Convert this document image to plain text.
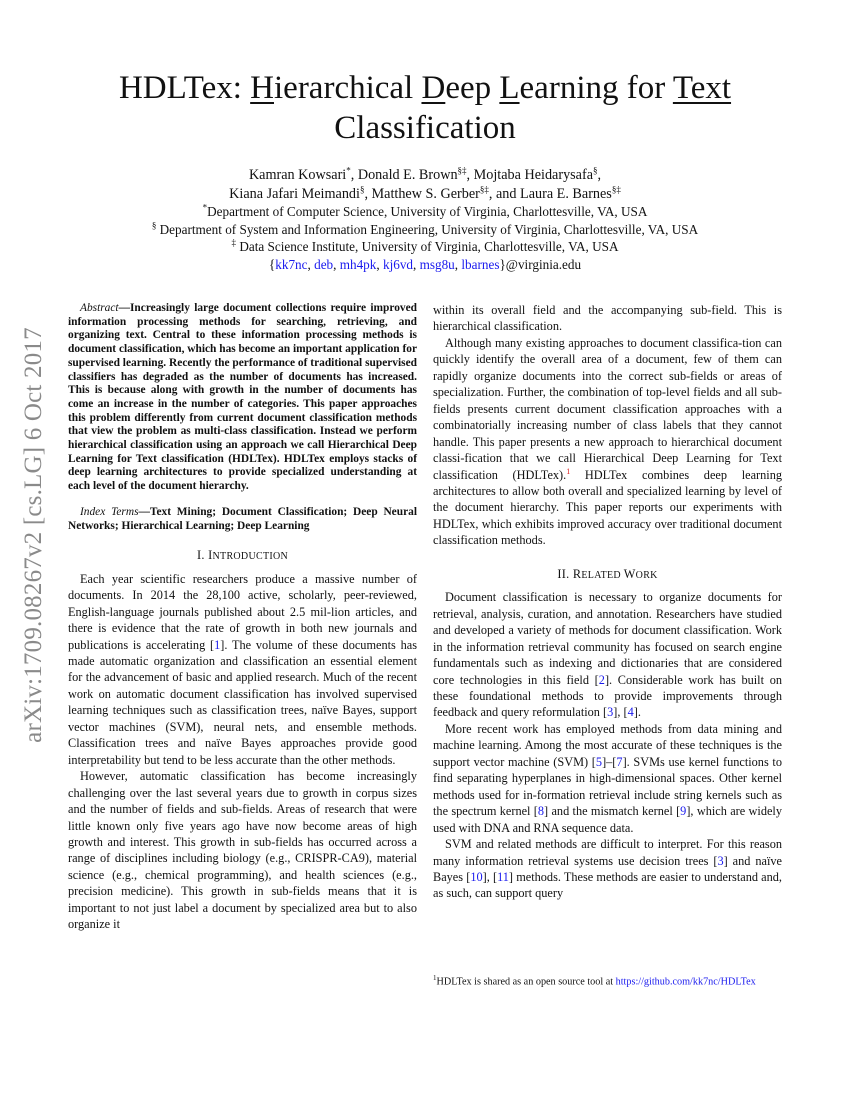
HDLTex: Hierarchical Deep Learning for Text
Classification
Kamran Kowsari*, Donald E. Brown§‡, Mojtaba Heidarysafa§,
Kiana Jafari Meimandi§, Matthew S. Gerber§‡, and Laura E. Barnes§‡
*Department of Computer Science, University of Virginia, Charlottesville, VA, USA
§ Department of System and Information Engineering, University of Virginia, Charlottesville, VA, USA
‡ Data Science Institute, University of Virginia, Charlottesville, VA, USA
{kk7nc, deb, mh4pk, kj6vd, msg8u, lbarnes}@virginia.edu
arXiv:1709.08267v2 [cs.LG] 6 Oct 2017

Abstract—Increasingly large document collections require improved information processing methods for searching, retrieving, and organizing text. Central to these information processing methods is document classification, which has become an important application for supervised learning. Recently the performance of traditional supervised classifiers has degraded as the number of documents has increased. This is because along with growth in the number of documents has come an increase in the number of categories. This paper approaches this problem differently from current document classification methods that view the problem as multi-class classification. Instead we perform hierarchical classification using an approach we call Hierarchical Deep Learning for Text classification (HDLTex). HDLTex employs stacks of deep learning architectures to provide specialized understanding at each level of the document hierarchy.

Index Terms—Text Mining; Document Classification; Deep Neural Networks; Hierarchical Learning; Deep Learning

I. INTRODUCTION

Each year scientific researchers produce a massive number of documents. In 2014 the 28,100 active, scholarly, peer-reviewed, English-language journals published about 2.5 mil-lion articles, and there is evidence that the rate of growth in both new journals and publications is accelerating [1]. The volume of these documents has made automatic organization and classification an essential element for the advancement of basic and applied research. Much of the recent work on automatic document classification has involved supervised learning techniques such as classification trees, naïve Bayes, support vector machines (SVM), neural nets, and ensemble methods. Classification trees and naïve Bayes approaches provide good interpretability but tend to be less accurate than the other methods.

However, automatic classification has become increasingly challenging over the last several years due to growth in corpus sizes and the number of fields and sub-fields. Areas of research that were little known only five years ago have now become areas of high growth and interest. This growth in sub-fields has occurred across a range of disciplines including biology (e.g., CRISPR-CA9), material science (e.g., chemical programming), and health sciences (e.g., precision medicine). This growth in sub-fields means that it is important to not just label a document by specialized area but to also organize it

within its overall field and the accompanying sub-field. This is hierarchical classification.

Although many existing approaches to document classifica-tion can quickly identify the overall area of a document, few of them can rapidly organize documents into the correct sub-fields or areas of specialization. Further, the combination of top-level fields and all sub-fields presents current document classification approaches with a combinatorially increasing number of class labels that they cannot handle. This paper presents a new approach to hierarchical document classi-fication that we call Hierarchical Deep Learning for Text classification (HDLTex).$^1$ HDLTex combines deep learning architectures to allow both overall and specialized learning by level of the document hierarchy. This paper reports our experiments with HDLTex, which exhibits improved accuracy over traditional document classification methods.

II. RELATED WORK

Document classification is necessary to organize documents for retrieval, analysis, curation, and annotation. Researchers have studied and developed a variety of methods for document classification. Work in the information retrieval community has focused on search engine fundamentals such as indexing and dictionaries that are considered core technologies in this field [2]. Considerable work has built on these foundational methods to provide improvements through feedback and query reformulation [3], [4].

More recent work has employed methods from data mining and machine learning. Among the most accurate of these techniques is the support vector machine (SVM) [5]–[7]. SVMs use kernel functions to find separating hyperplanes in high-dimensional spaces. Other kernel methods used for in-formation retrieval include string kernels such as the spectrum kernel [8] and the mismatch kernel [9], which are widely used with DNA and RNA sequence data.

SVM and related methods are difficult to interpret. For this reason many information retrieval systems use decision trees [3] and naïve Bayes [10], [11] methods. These methods are easier to understand and, as such, can support query

$^1$HDLTex is shared as an open source tool at https://github.com/kk7nc/HDLTex
